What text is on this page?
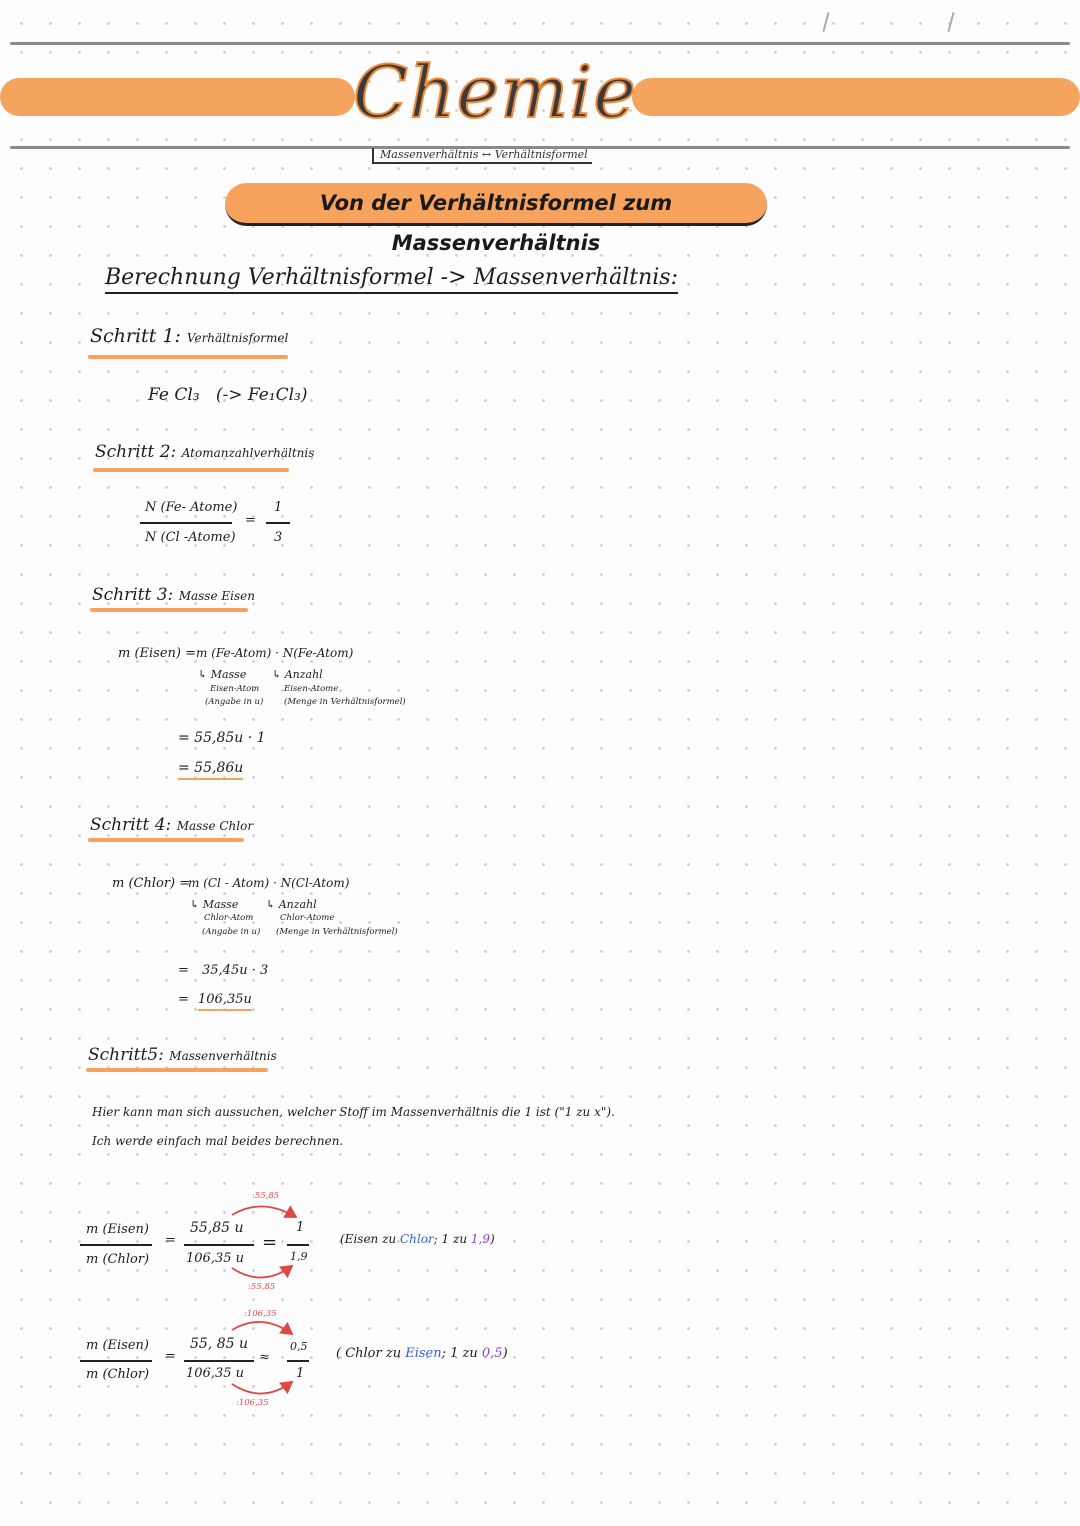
Chemie
Massenverhältnis ↔ Verhältnisformel
Von der Verhältnisformel zum Massenverhältnis
Berechnung Verhältnisformel -> Massenverhältnis:
Schritt 1: Verhältnisformel
Fe Cl₃ (-> Fe₁Cl₃)
Schritt 2: Atomanzahlverhältnis
N (Fe- Atome)
N (Cl -Atome)
=
1
3
Schritt 3: Masse Eisen
m (Eisen) = m (Fe-Atom) · N(Fe-Atom)
↳ Masse
Eisen-Atom
(Angabe in u)
↳ Anzahl
Eisen-Atome
(Menge in Verhältnisformel)
= 55,85u · 1
= 55,86u
Schritt 4: Masse Chlor
m (Chlor) =
m (Cl - Atom) · N(Cl-Atom)
↳ Masse
Chlor-Atom
(Angabe in u)
↳ Anzahl
Chlor-Atome
(Menge in Verhältnisformel)
= 35,45u · 3
= 106,35u
Schritt5: Massenverhältnis
Hier kann man sich aussuchen, welcher Stoff im Massenverhältnis die 1 ist ("1 zu x").
Ich werde einfach mal beides berechnen.
m (Eisen)
m (Chlor)
=
55,85 u
106,35 u
=
1
1,9
:55,85
:55,85
(Eisen zu Chlor; 1 zu 1,9)
m (Eisen)
m (Chlor)
=
55, 85 u
106,35 u
≈
0,5
1
:106,35
:106,35
( Chlor zu Eisen; 1 zu 0,5)
